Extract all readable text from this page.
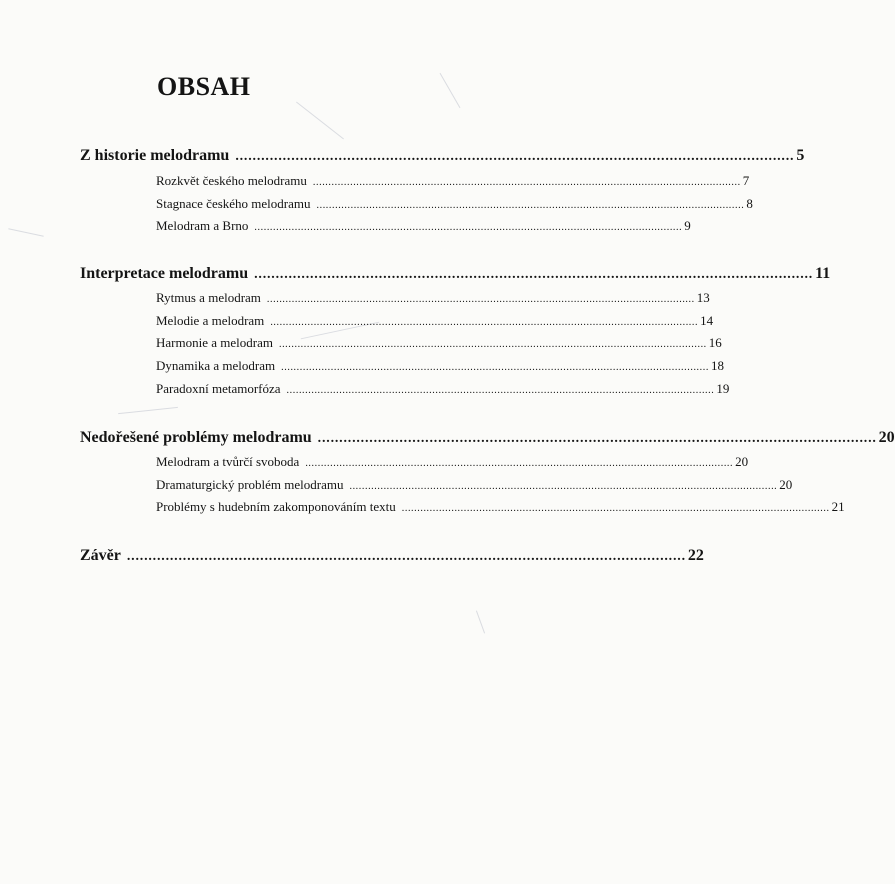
OBSAH
Z historie melodramu .................................................................................................................................. 5
Rozkvět českého melodramu .......................................................................................................................................... 7
Stagnace českého melodramu .......................................................................................................................................... 8
Melodram a Brno .......................................................................................................................................... 9
Interpretace melodramu .................................................................................................................................. 11
Rytmus a melodram .......................................................................................................................................... 13
Melodie a melodram .......................................................................................................................................... 14
Harmonie a melodram .......................................................................................................................................... 16
Dynamika a melodram .......................................................................................................................................... 18
Paradoxní metamorfóza .......................................................................................................................................... 19
Nedořešené problémy melodramu .................................................................................................................................. 20
Melodram a tvůrčí svoboda .......................................................................................................................................... 20
Dramaturgický problém melodramu .......................................................................................................................................... 20
Problémy s hudebním zakomponováním textu .......................................................................................................................................... 21
Závěr .................................................................................................................................. 22
